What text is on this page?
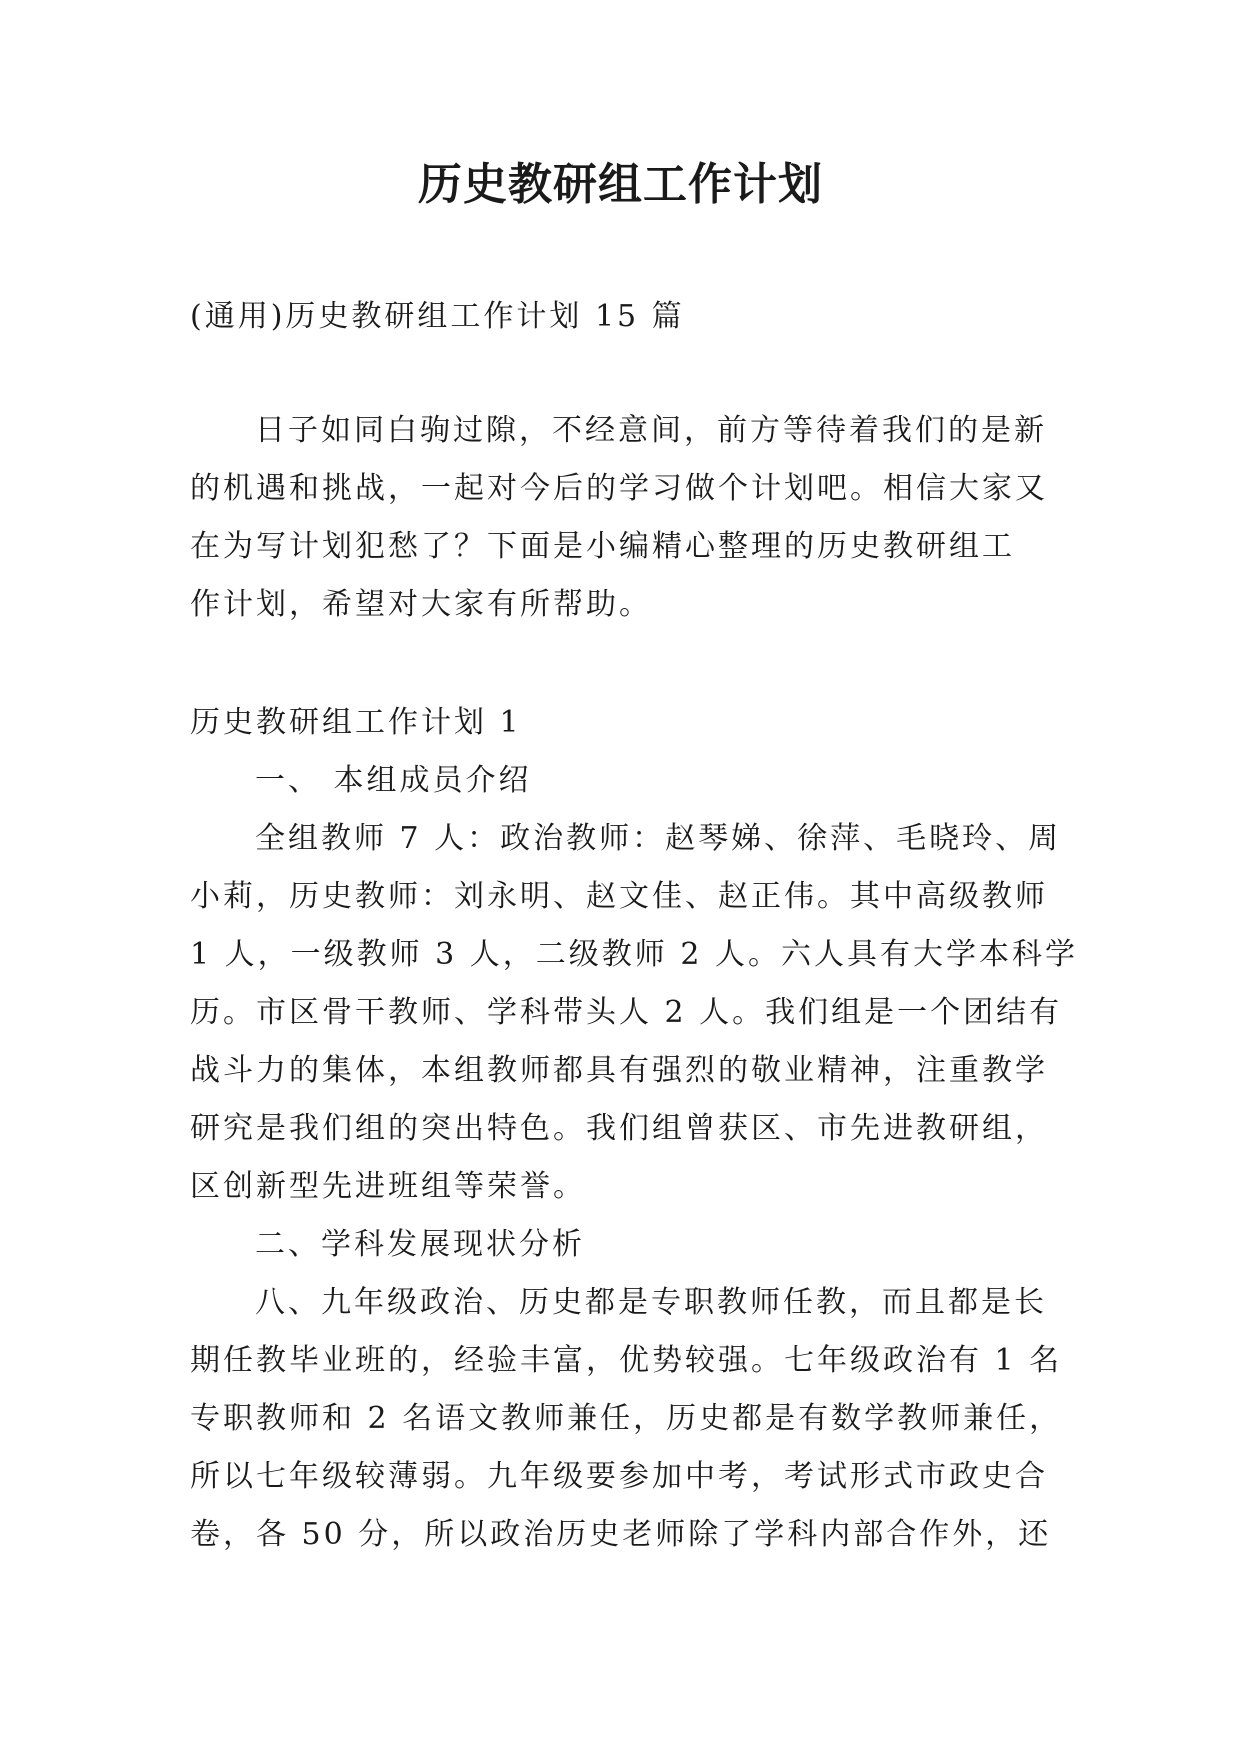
历史教研组工作计划
(通用)历史教研组工作计划 15 篇
日子如同白驹过隙，不经意间，前方等待着我们的是新
的机遇和挑战，一起对今后的学习做个计划吧。相信大家又
在为写计划犯愁了？下面是小编精心整理的历史教研组工
作计划，希望对大家有所帮助。
历史教研组工作计划 1
一、 本组成员介绍
全组教师 7 人：政治教师：赵琴娣、徐萍、毛晓玲、周
小莉，历史教师：刘永明、赵文佳、赵正伟。其中高级教师
1 人，一级教师 3 人，二级教师 2 人。六人具有大学本科学
历。市区骨干教师、学科带头人 2 人。我们组是一个团结有
战斗力的集体，本组教师都具有强烈的敬业精神，注重教学
研究是我们组的突出特色。我们组曾获区、市先进教研组，
区创新型先进班组等荣誉。
二、学科发展现状分析
八、九年级政治、历史都是专职教师任教，而且都是长
期任教毕业班的，经验丰富，优势较强。七年级政治有 1 名
专职教师和 2 名语文教师兼任，历史都是有数学教师兼任，
所以七年级较薄弱。九年级要参加中考，考试形式市政史合
卷，各 50 分，所以政治历史老师除了学科内部合作外，还
